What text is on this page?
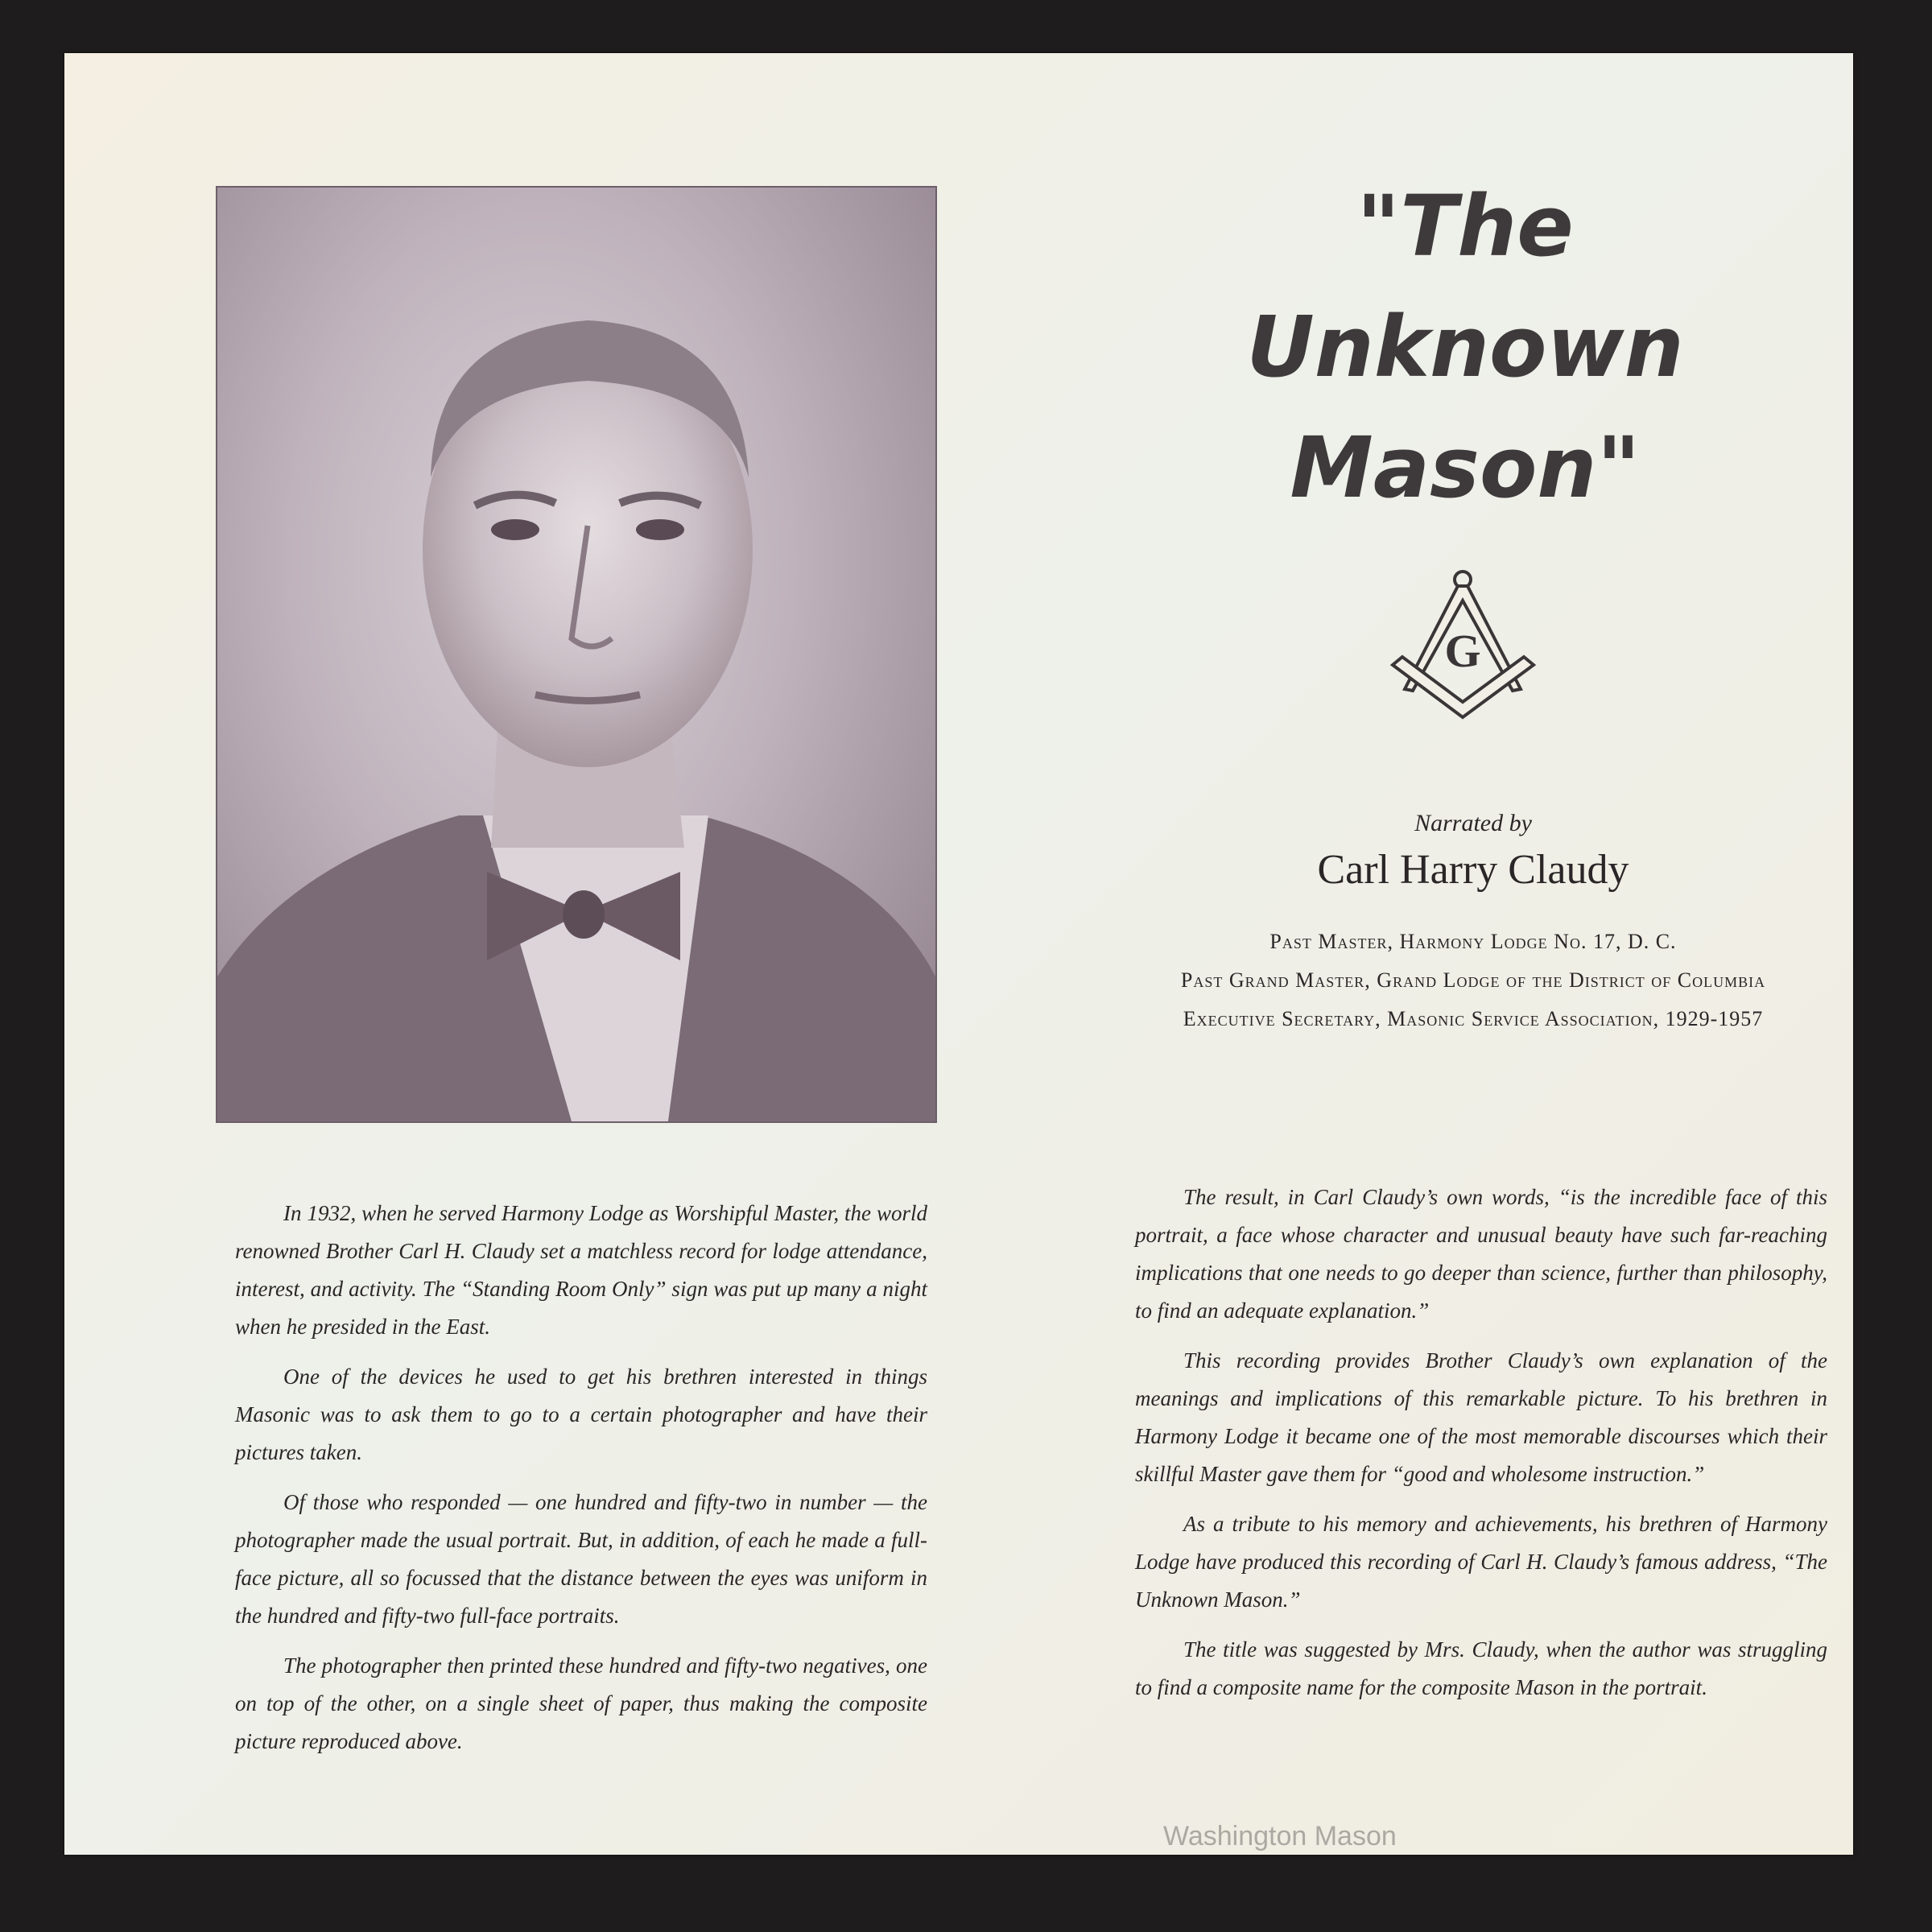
"The
Unknown
Mason"
G
Narrated by
Carl Harry Claudy
Past Master, Harmony Lodge No. 17, D. C.
Past Grand Master, Grand Lodge of the District of Columbia
Executive Secretary, Masonic Service Association, 1929-1957

In 1932, when he served Harmony Lodge as Worshipful Master, the world renowned Brother Carl H. Claudy set a matchless record for lodge attendance, interest, and activity. The “Standing Room Only” sign was put up many a night when he presided in the East.

One of the devices he used to get his brethren interested in things Masonic was to ask them to go to a certain photographer and have their pictures taken.

Of those who responded — one hundred and fifty-two in number — the photographer made the usual portrait. But, in addition, of each he made a full-face picture, all so focussed that the distance between the eyes was uniform in the hundred and fifty-two full-face portraits.

The photographer then printed these hundred and fifty-two negatives, one on top of the other, on a single sheet of paper, thus making the composite picture reproduced above.

The result, in Carl Claudy’s own words, “is the incredible face of this portrait, a face whose character and unusual beauty have such far-reaching implications that one needs to go deeper than science, further than philosophy, to find an adequate explanation.”

This recording provides Brother Claudy’s own explanation of the meanings and implications of this remarkable picture. To his brethren in Harmony Lodge it became one of the most memorable discourses which their skillful Master gave them for “good and wholesome instruction.”

As a tribute to his memory and achievements, his brethren of Harmony Lodge have produced this recording of Carl H. Claudy’s famous address, “The Unknown Mason.”

The title was suggested by Mrs. Claudy, when the author was struggling to find a composite name for the composite Mason in the portrait.

Washington Mason
